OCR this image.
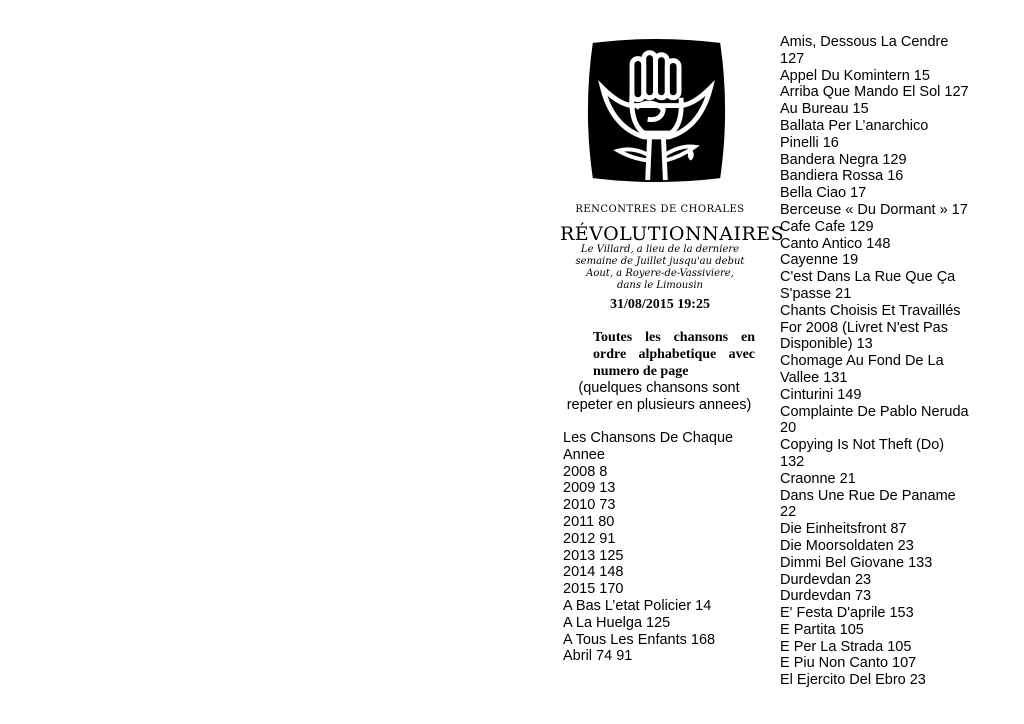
RENCONTRES DE CHORALES
RÉVOLUTIONNAIRES
Le Villard, a lieu de la derniere
semaine de Juillet jusqu'au debut
Aout, a Royere-de-Vassiviere,
dans le Limousin
31/08/2015 19:25
Toutes les chansons en ordre alphabetique avec numero de page
(quelques chansons sont
repeter en plusieurs annees)
Les Chansons De Chaque
Annee
2008 8
2009 13
2010 73
2011 80
2012 91
2013 125
2014 148
2015 170
A Bas L’etat Policier 14
A La Huelga 125
A Tous Les Enfants 168
Abril 74 91
Amis, Dessous La Cendre
127
Appel Du Komintern 15
Arriba Que Mando El Sol 127
Au Bureau 15
Ballata Per L’anarchico
Pinelli 16
Bandera Negra 129
Bandiera Rossa 16
Bella Ciao 17
Berceuse « Du Dormant » 17
Cafe Cafe 129
Canto Antico 148
Cayenne 19
C'est Dans La Rue Que Ça
S'passe 21
Chants Choisis Et Travaillés
For 2008 (Livret N'est Pas
Disponible) 13
Chomage Au Fond De La
Vallee 131
Cinturini 149
Complainte De Pablo Neruda
20
Copying Is Not Theft (Do)
132
Craonne 21
Dans Une Rue De Paname
22
Die Einheitsfront 87
Die Moorsoldaten 23
Dimmi Bel Giovane 133
Durdevdan 23
Durdevdan 73
E' Festa D'aprile 153
E Partita 105
E Per La Strada 105
E Piu Non Canto 107
El Ejercito Del Ebro 23
